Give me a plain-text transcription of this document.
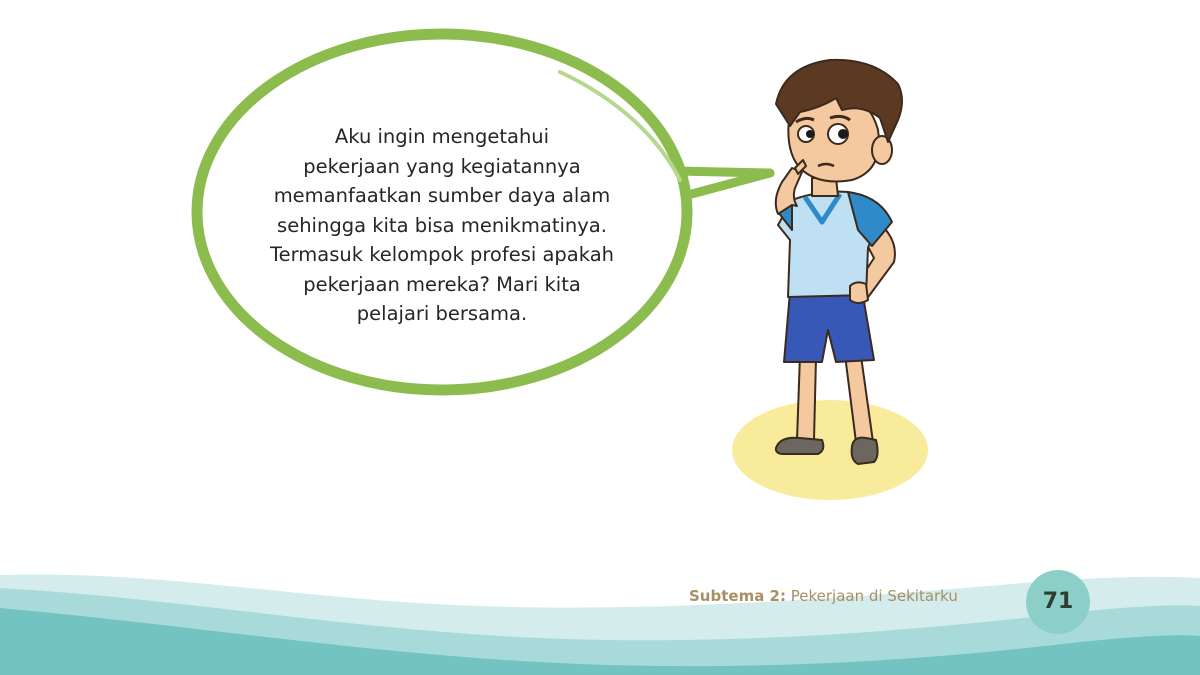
Aku ingin mengetahui
pekerjaan yang kegiatannya
memanfaatkan sumber daya alam
sehingga kita bisa menikmatinya.
Termasuk kelompok profesi apakah
pekerjaan mereka? Mari kita
pelajari bersama.
Subtema 2: Pekerjaan di Sekitarku	71
